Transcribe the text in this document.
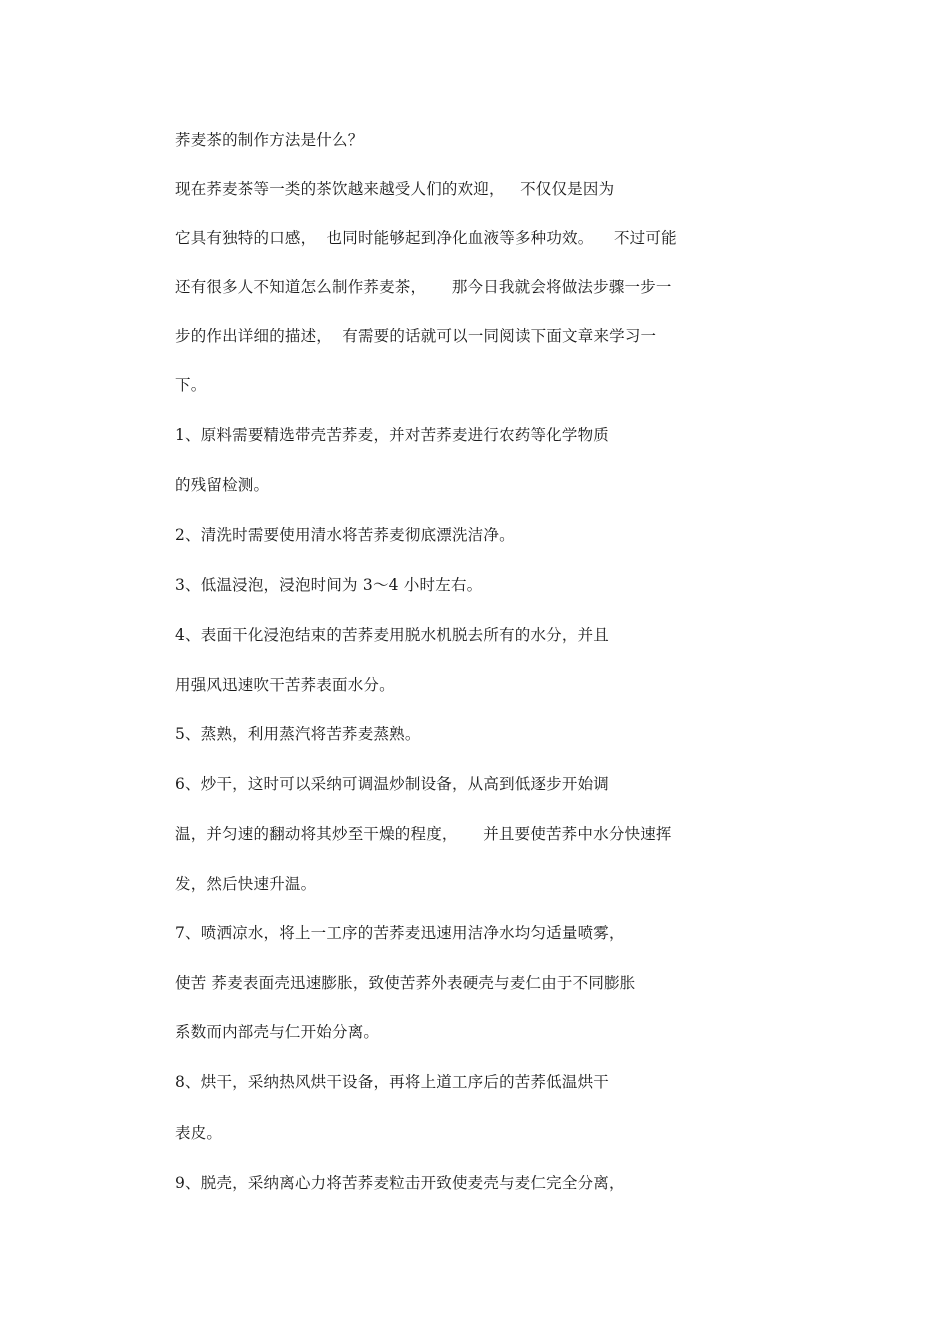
荞麦茶的制作方法是什么？
现在荞麦茶等一类的茶饮越来越受人们的欢迎，   不仅仅是因为
它具有独特的口感，  也同时能够起到净化血液等多种功效。    不过可能
还有很多人不知道怎么制作荞麦茶，     那今日我就会将做法步骤一步一
步的作出详细的描述，  有需要的话就可以一同阅读下面文章来学习一
下。
1、原料需要精选带壳苦荞麦，并对苦荞麦进行农药等化学物质
的残留检测。
2、清洗时需要使用清水将苦荞麦彻底漂洗洁净。
3、低温浸泡，浸泡时间为 3～4 小时左右。
4、表面干化浸泡结束的苦荞麦用脱水机脱去所有的水分，并且
用强风迅速吹干苦荞表面水分。
5、蒸熟，利用蒸汽将苦荞麦蒸熟。
6、炒干，这时可以采纳可调温炒制设备，从高到低逐步开始调
温，并匀速的翻动将其炒至干燥的程度，     并且要使苦荞中水分快速挥
发，然后快速升温。
7、喷洒凉水，将上一工序的苦荞麦迅速用洁净水均匀适量喷雾，
使苦 荞麦表面壳迅速膨胀，致使苦荞外表硬壳与麦仁由于不同膨胀
系数而内部壳与仁开始分离。
8、烘干，采纳热风烘干设备，再将上道工序后的苦荞低温烘干
表皮。
9、脱壳，采纳离心力将苦荞麦粒击开致使麦壳与麦仁完全分离，
